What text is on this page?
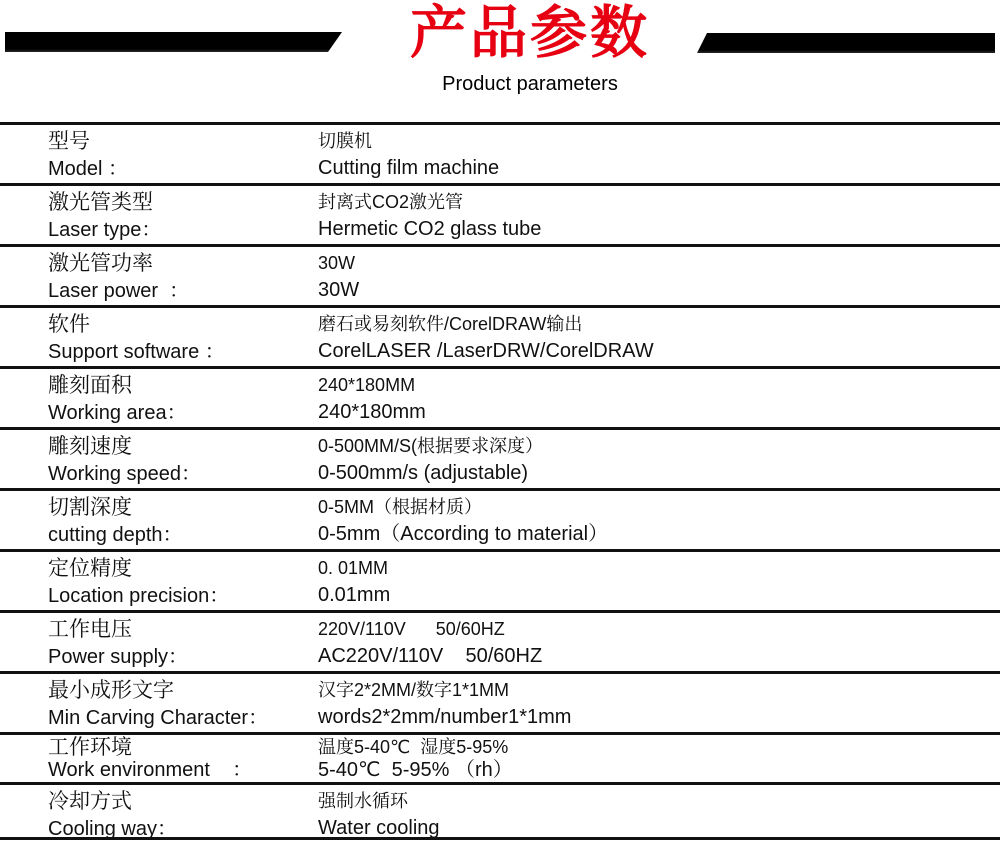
产品参数
Product parameters
型号
Model ：
切膜机
Cutting film machine
激光管类型
Laser type：
封离式CO2激光管
Hermetic CO2 glass tube
激光管功率
Laser power  ：
30W
30W
软件
Support software ：
磨石或易刻软件/CorelDRAW输出
CorelLASER /LaserDRW/CorelDRAW
雕刻面积
Working area：
240*180MM
240*180mm
雕刻速度
Working speed：
0-500MM/S(根据要求深度）
0-500mm/s (adjustable)
切割深度
cutting depth：
0-5MM（根据材质）
0-5mm（According to material）
定位精度
Location precision：
0. 01MM
0.01mm
工作电压
Power supply：
220V/110V      50/60HZ
AC220V/110V    50/60HZ
最小成形文字
Min Carving Character：
汉字2*2MM/数字1*1MM
words2*2mm/number1*1mm
工作环境
Work environment    ：
温度5-40℃  湿度5-95%
5-40℃  5-95% （rh）
冷却方式
Cooling way：
强制水循环
Water cooling
